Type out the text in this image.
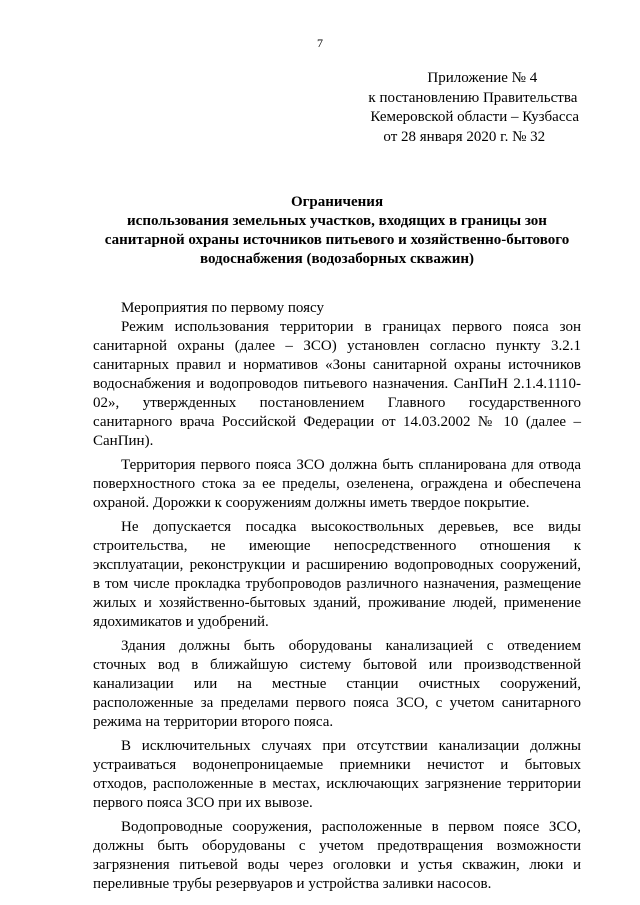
7
Приложение № 4
к постановлению Правительства
Кемеровской области – Кузбасса
от 28 января 2020 г. № 32
Ограничения
использования земельных участков, входящих в границы зон
санитарной охраны источников питьевого и хозяйственно-бытового
водоснабжения (водозаборных скважин)
Мероприятия по первому поясу
Режим использования территории в границах первого пояса зон
санитарной охраны (далее – ЗСО) установлен согласно пункту 3.2.1
санитарных правил и нормативов «Зоны санитарной охраны источников
водоснабжения и водопроводов питьевого назначения. СанПиН 2.1.4.1110-
02», утвержденных постановлением Главного государственного
санитарного врача Российской Федерации от 14.03.2002 № 10 (далее –
СанПин).
Территория первого пояса ЗСО должна быть спланирована для отвода
поверхностного стока за ее пределы, озеленена, ограждена и обеспечена
охраной. Дорожки к сооружениям должны иметь твердое покрытие.
Не допускается посадка высокоствольных деревьев, все виды
строительства, не имеющие непосредственного отношения к
эксплуатации, реконструкции и расширению водопроводных сооружений,
в том числе прокладка трубопроводов различного назначения, размещение
жилых и хозяйственно-бытовых зданий, проживание людей, применение
ядохимикатов и удобрений.
Здания должны быть оборудованы канализацией с отведением
сточных вод в ближайшую систему бытовой или производственной
канализации или на местные станции очистных сооружений,
расположенные за пределами первого пояса ЗСО, с учетом санитарного
режима на территории второго пояса.
В исключительных случаях при отсутствии канализации должны
устраиваться водонепроницаемые приемники нечистот и бытовых
отходов, расположенные в местах, исключающих загрязнение территории
первого пояса ЗСО при их вывозе.
Водопроводные сооружения, расположенные в первом поясе ЗСО,
должны быть оборудованы с учетом предотвращения возможности
загрязнения питьевой воды через оголовки и устья скважин, люки и
переливные трубы резервуаров и устройства заливки насосов.
